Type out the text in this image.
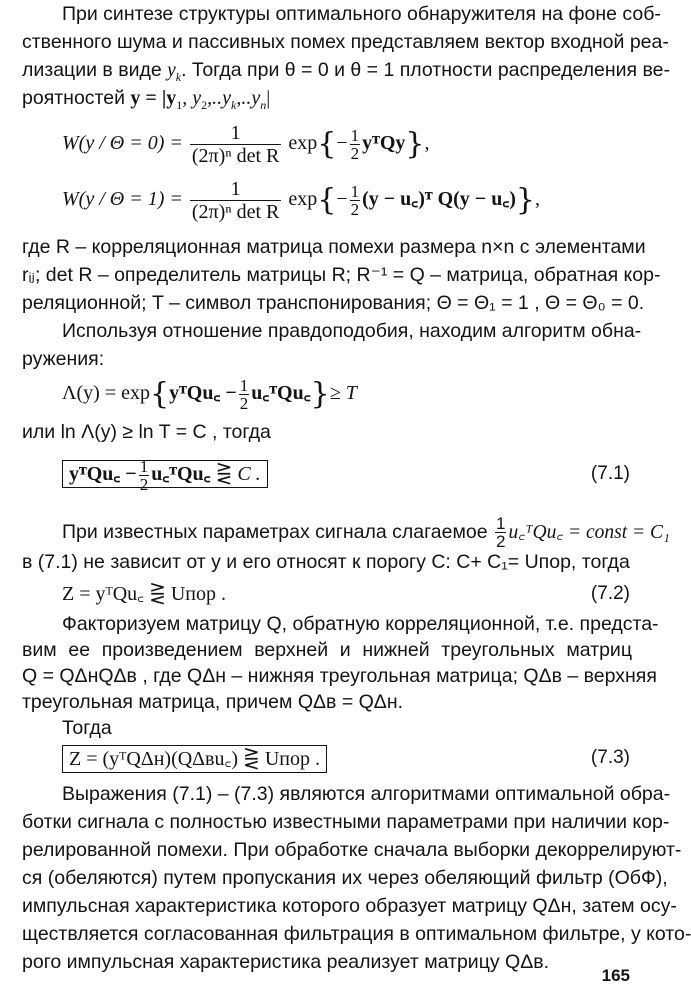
При синтезе структуры оптимального обнаружителя на фоне соб-
ственного шума и пассивных помех представляем вектор входной реа-
лизации в виде $y_k$. Тогда при θ = 0 и θ = 1 плотности распределения ве-
роятностей $y = |y_1$, $y_2,..y_k,..y_n|$
$W(y / \Theta = 0) = \frac{1}{\text{(2π)ⁿ det R}} \exp\{- \frac{1}{2}$ yᵀQy},
$W(y / \Theta = 1) = \frac{1}{\text{(2π)ⁿ det R}} \exp\{- \frac{1}{2} (y$ − u꜀)ᵀ Q(y − u꜀)},
где R – корреляционная матрица помехи размера n×n с элементами
rᵢⱼ; det R – определитель матрицы R; R⁻¹ = Q – матрица, обратная кор-
реляционной; T – символ транспонирования; Θ = Θ₁ = 1 , Θ = Θ₀ = 0.
Используя отношение правдоподобия, находим алгоритм обна-
ружения:
Λ(y) = exp{yᵀQu꜀ − $\frac{1}{2}$ u꜀ᵀQu꜀}≥ T
или ln Λ(y) ≥ ln T = C , тогда
yᵀQu꜀ − $\frac{1}{2}$ u꜀ᵀQu꜀ ⋛ C .	(7.1)
При известных параметрах сигнала слагаемое $\frac{1}{2}$ u꜀ᵀQu꜀ = const = C₁
в (7.1) не зависит от y и его относят к порогу C: C+ C₁= Uпор, тогда
Z = yᵀQu꜀ ⋛ Uпор .	(7.2)
Факторизуем матрицу Q, обратную корреляционной, т.е. предста-
вим ее произведением верхней и нижней треугольных матриц
Q = QΔнQΔв , где QΔн – нижняя треугольная матрица; QΔв – верхняя
треугольная матрица, причем QΔв = QΔн.
Тогда
Z = (yᵀQΔн)(QΔвu꜀) ⋛ Uпор .	(7.3)
Выражения (7.1) – (7.3) являются алгоритмами оптимальной обра-
ботки сигнала с полностью известными параметрами при наличии кор-
релированной помехи. При обработке сначала выборки декоррелируют-
ся (обеляются) путем пропускания их через обеляющий фильтр (ОбФ),
импульсная характеристика которого образует матрицу QΔн, затем осу-
ществляется согласованная фильтрация в оптимальном фильтре, у кото-
165
рого импульсная характеристика реализует матрицу QΔв.
